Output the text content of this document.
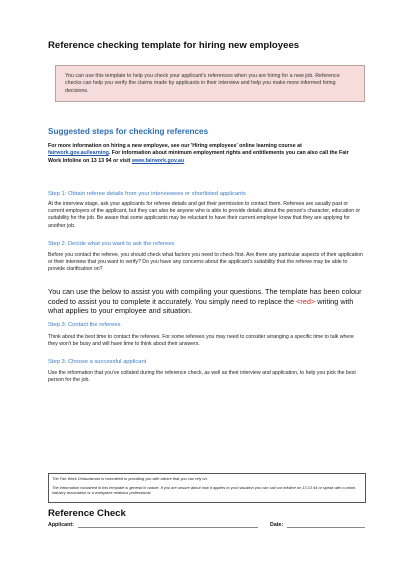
Reference checking template for hiring new employees
You can use this template to help you check your applicant's references when you are hiring for a new job. Reference checks can help you verify the claims made by applicants in their interview and help you make more informed hiring decisions.
Suggested steps for checking references
For more information on hiring a new employee, see our 'Hiring employees' online learning course at fairwork.gov.au/learning. For information about minimum employment rights and entitlements you can also call the Fair Work Infoline on 13 13 94 or visit www.fairwork.gov.au
Step 1: Obtain referee details from your interviewees or shortlisted applicants
At the interview stage, ask your applicants for referee details and get their permission to contact them. Referees are usually past or current employers of the applicant, but they can also be anyone who is able to provide details about the person's character, education or suitability for the job. Be aware that some applicants may be reluctant to have their current employer know that they are applying for another job.
Step 2: Decide what you want to ask the referees
Before you contact the referee, you should check what factors you need to check first. Are there any particular aspects of their application or their interview that you want to verify? Do you have any concerns about the applicant's suitability that the referee may be able to provide clarification on?
You can use the below to assist you with compiling your questions. The template has been colour coded to assist you to complete it accurately. You simply need to replace the <red> writing with what applies to your employee and situation.
Step 3: Contact the referees
Think about the best time to contact the referees. For some referees you may need to consider arranging a specific time to talk where they won't be busy and will have time to think about their answers.
Step 3: Choose a successful applicant
Use the information that you've collated during the reference check, as well as their interview and application, to help you pick the best person for the job.
The Fair Work Ombudsman is committed to providing you with advice that you can rely on.
The information contained in this template is general in nature. If you are unsure about how it applies to your situation you can call our Infoline on 13 13 94 or speak with a union, industry association or a workplace relations professional.
Reference Check
Applicant:	Date:
